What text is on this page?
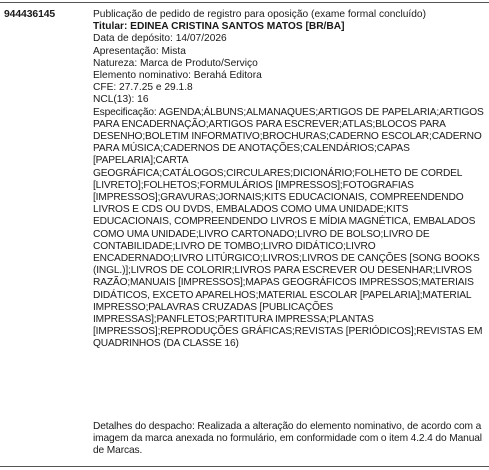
944436145	Publicação de pedido de registro para oposição (exame formal concluído)
Titular: EDINEA CRISTINA SANTOS MATOS [BR/BA]
Data de depósito: 14/07/2026
Apresentação: Mista
Natureza: Marca de Produto/Serviço
Elemento nominativo: Berahá Editora
CFE: 27.7.25 e 29.1.8
NCL(13): 16
Especificação: AGENDA;ÁLBUNS;ALMANAQUES;ARTIGOS DE PAPELARIA;ARTIGOS PARA ENCADERNAÇÃO;ARTIGOS PARA ESCREVER;ATLAS;BLOCOS PARA DESENHO;BOLETIM INFORMATIVO;BROCHURAS;CADERNO ESCOLAR;CADERNO PARA MÚSICA;CADERNOS DE ANOTAÇÕES;CALENDÁRIOS;CAPAS [PAPELARIA];CARTA GEOGRÁFICA;CATÁLOGOS;CIRCULARES;DICIONÁRIO;FOLHETO DE CORDEL [LIVRETO];FOLHETOS;FORMULÁRIOS [IMPRESSOS];FOTOGRAFIAS [IMPRESSOS];GRAVURAS;JORNAIS;KITS EDUCACIONAIS, COMPREENDENDO LIVROS E CDS OU DVDS, EMBALADOS COMO UMA UNIDADE;KITS EDUCACIONAIS, COMPREENDENDO LIVROS E MÍDIA MAGNÉTICA, EMBALADOS COMO UMA UNIDADE;LIVRO CARTONADO;LIVRO DE BOLSO;LIVRO DE CONTABILIDADE;LIVRO DE TOMBO;LIVRO DIDÁTICO;LIVRO ENCADERNADO;LIVRO LITÚRGICO;LIVROS;LIVROS DE CANÇÕES [SONG BOOKS (INGL.)];LIVROS DE COLORIR;LIVROS PARA ESCREVER OU DESENHAR;LIVROS RAZÃO;MANUAIS [IMPRESSOS];MAPAS GEOGRÁFICOS IMPRESSOS;MATERIAIS DIDÁTICOS, EXCETO APARELHOS;MATERIAL ESCOLAR [PAPELARIA];MATERIAL IMPRESSO;PALAVRAS CRUZADAS [PUBLICAÇÕES IMPRESSAS];PANFLETOS;PARTITURA IMPRESSA;PLANTAS [IMPRESSOS];REPRODUÇÕES GRÁFICAS;REVISTAS [PERIÓDICOS];REVISTAS EM QUADRINHOS (DA CLASSE 16)
Detalhes do despacho: Realizada a alteração do elemento nominativo, de acordo com a imagem da marca anexada no formulário, em conformidade com o item 4.2.4 do Manual de Marcas.
